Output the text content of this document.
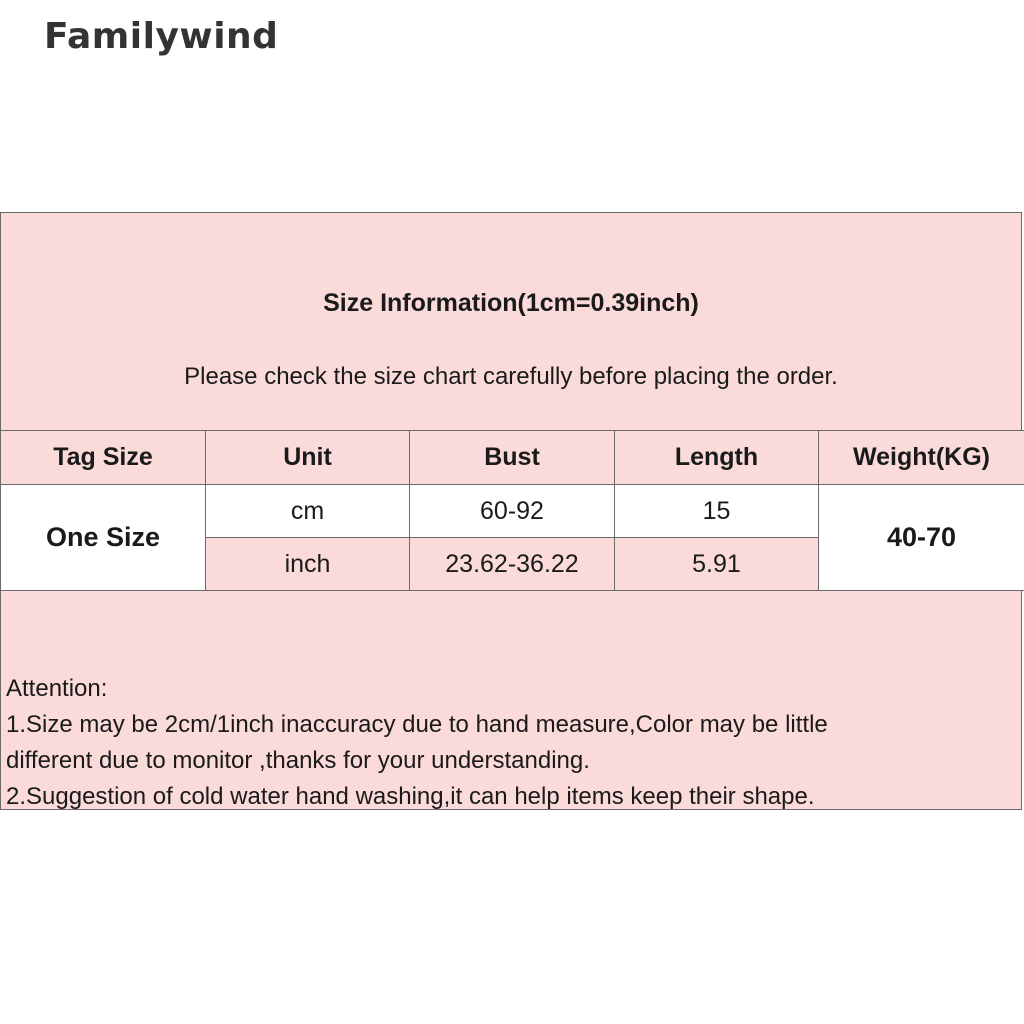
Familywind
Size Information(1cm=0.39inch)
Please check the size chart carefully before placing the order.
Tag Size	Unit	Bust	Length	Weight(KG)
One Size	cm	60-92	15	40-70
	inch	23.62-36.22	5.91	
Attention:
1.Size may be 2cm/1inch inaccuracy due to hand measure,Color may be little
different due to monitor ,thanks for your understanding.
2.Suggestion of cold water hand washing,it can help items keep their shape.
